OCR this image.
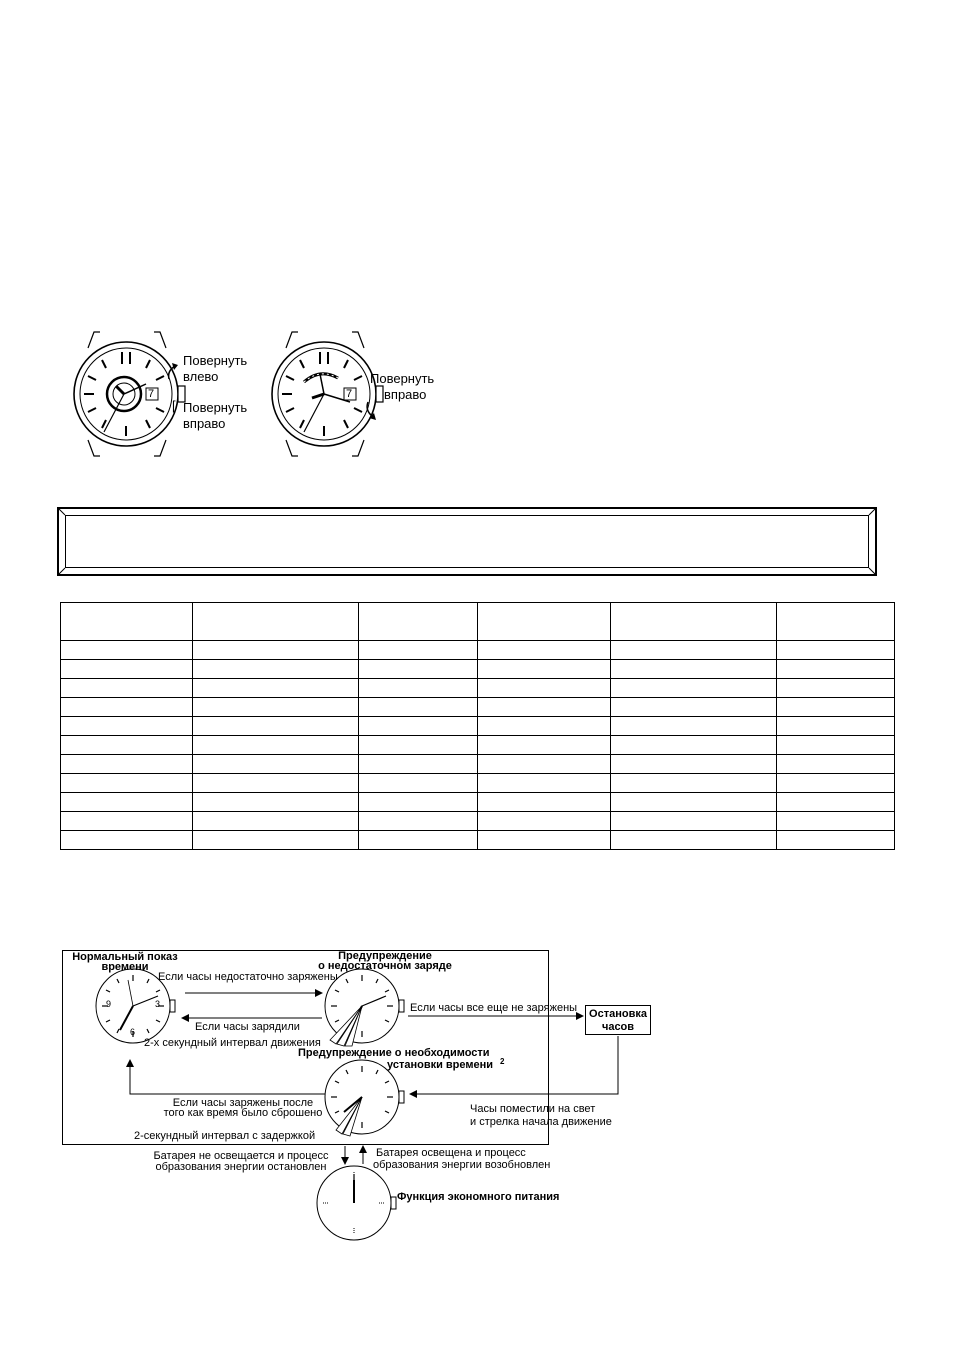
7
Повернуть
влево
[ Повернуть
вправо
7
Повернуть
вправо

Нормальный показ
времени
Предупреждение
о недостаточном заряде
Если часы недостаточно заряжены
Если часы все еще не заряжены
Если часы зарядили
2-х секундный интервал движения
Остановка
часов
Предупреждение о необходимости
установки времени 2
Если часы заряжены после
того как время было сброшено	Часы поместили на свет
и стрелка начала движение
2-секундный интервал с задержкой
Батарея не освещается и процесс
образования энергии остановлен
Батарея освещена и процесс
образования энергии возобновлен
Функция экономного питания
3
6
9
